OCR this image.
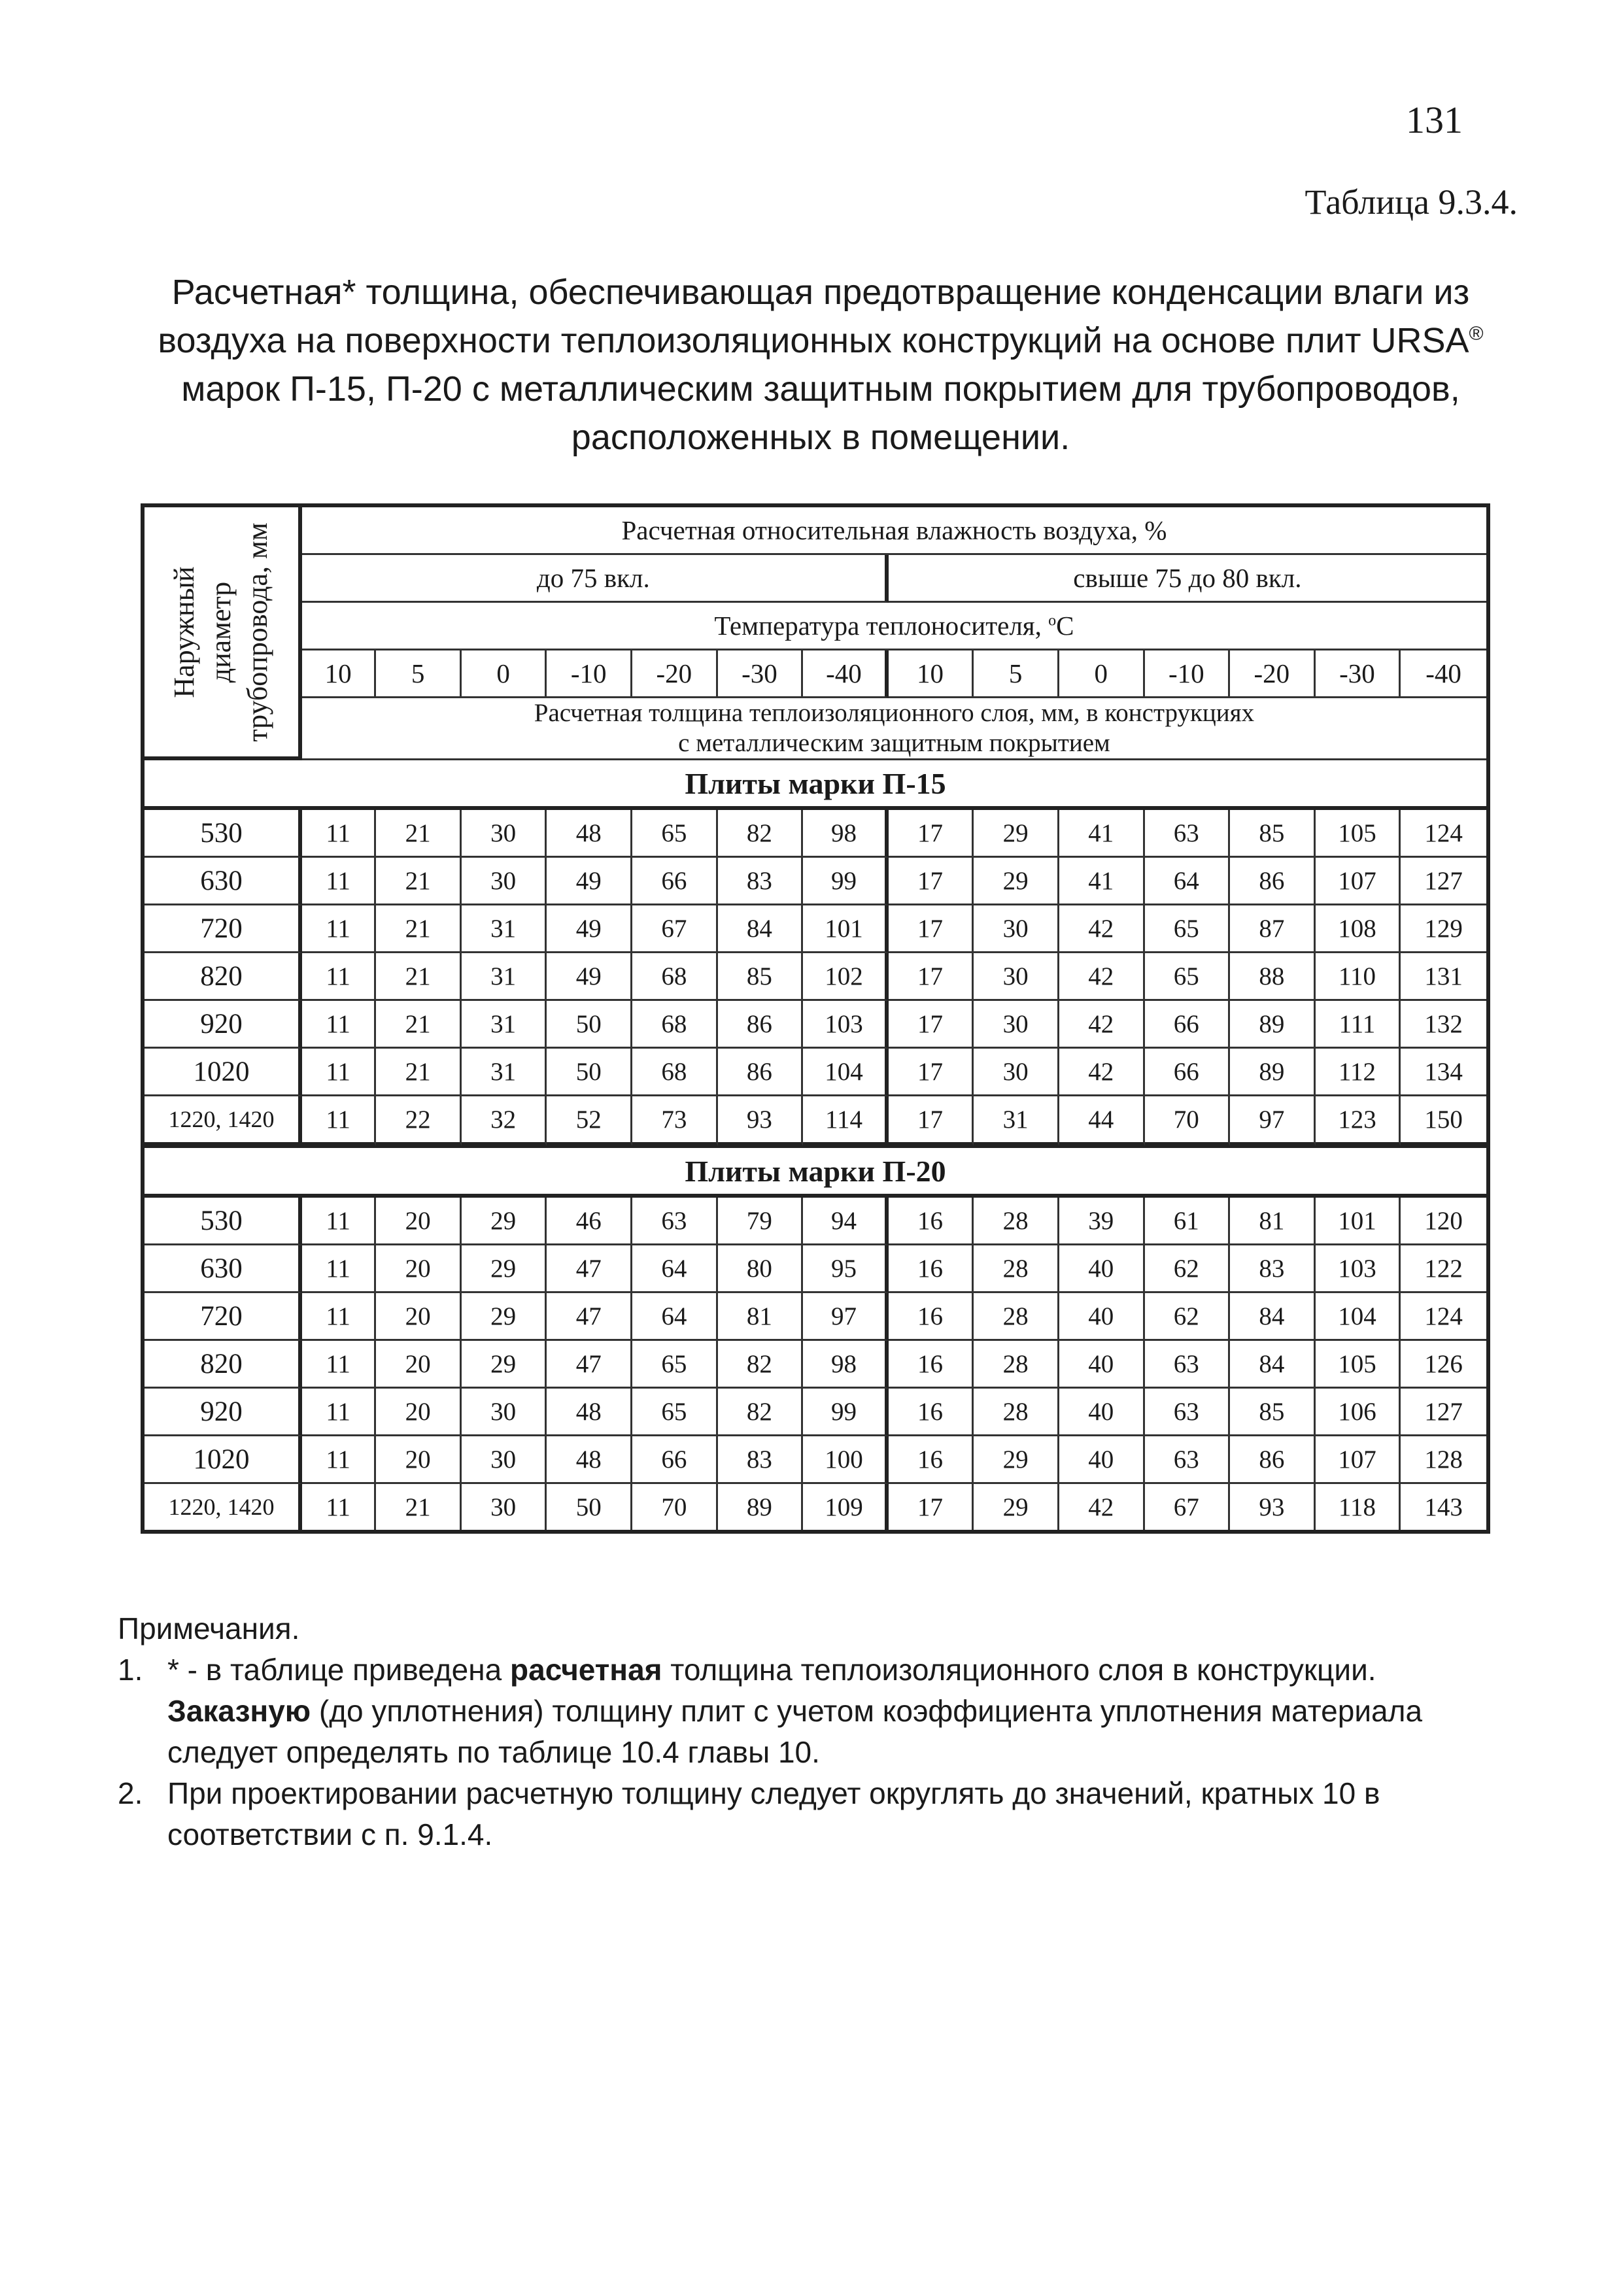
131
Таблица 9.3.4.
Расчетная* толщина, обеспечивающая предотвращение конденсации влаги из
воздуха на поверхности теплоизоляционных конструкций на основе плит URSA®
марок П-15, П-20 с металлическим защитным покрытием для трубопроводов,
расположенных в помещении.
Наружный диаметр трубопровода, мм	Расчетная относительная влажность воздуха, %													
	до 75 вкл.							свыше 75 до 80 вкл.						
	Температура теплоносителя, $^o$C													
	10	5	0	-10	-20	-30	-40	10	5	0	-10	-20	-30	-40

	Расчетная толщина теплоизоляционного слоя, мм, в конструкциях
с металлическим защитным покрытием													

Плиты марки П-15														
530	11	21	30	48	65	82	98	17	29	41	63	85	105	124
630	11	21	30	49	66	83	99	17	29	41	64	86	107	127
720	11	21	31	49	67	84	101	17	30	42	65	87	108	129
820	11	21	31	49	68	85	102	17	30	42	65	88	110	131
920	11	21	31	50	68	86	103	17	30	42	66	89	111	132
1020	11	21	31	50	68	86	104	17	30	42	66	89	112	134
1220, 1420	11	22	32	52	73	93	114	17	31	44	70	97	123	150
Плиты марки П-20														
530	11	20	29	46	63	79	94	16	28	39	61	81	101	120
630	11	20	29	47	64	80	95	16	28	40	62	83	103	122
720	11	20	29	47	64	81	97	16	28	40	62	84	104	124
820	11	20	29	47	65	82	98	16	28	40	63	84	105	126
920	11	20	30	48	65	82	99	16	28	40	63	85	106	127
1020	11	20	30	48	66	83	100	16	29	40	63	86	107	128
1220, 1420	11	21	30	50	70	89	109	17	29	42	67	93	118	143
Примечания.
1. * - в таблице приведена расчетная толщина теплоизоляционного слоя в конструкции.
Заказную (до уплотнения) толщину плит с учетом коэффициента уплотнения материала
следует определять по таблице 10.4 главы 10.
2. При проектировании расчетную толщину следует округлять до значений, кратных 10 в
соответствии с п. 9.1.4.
